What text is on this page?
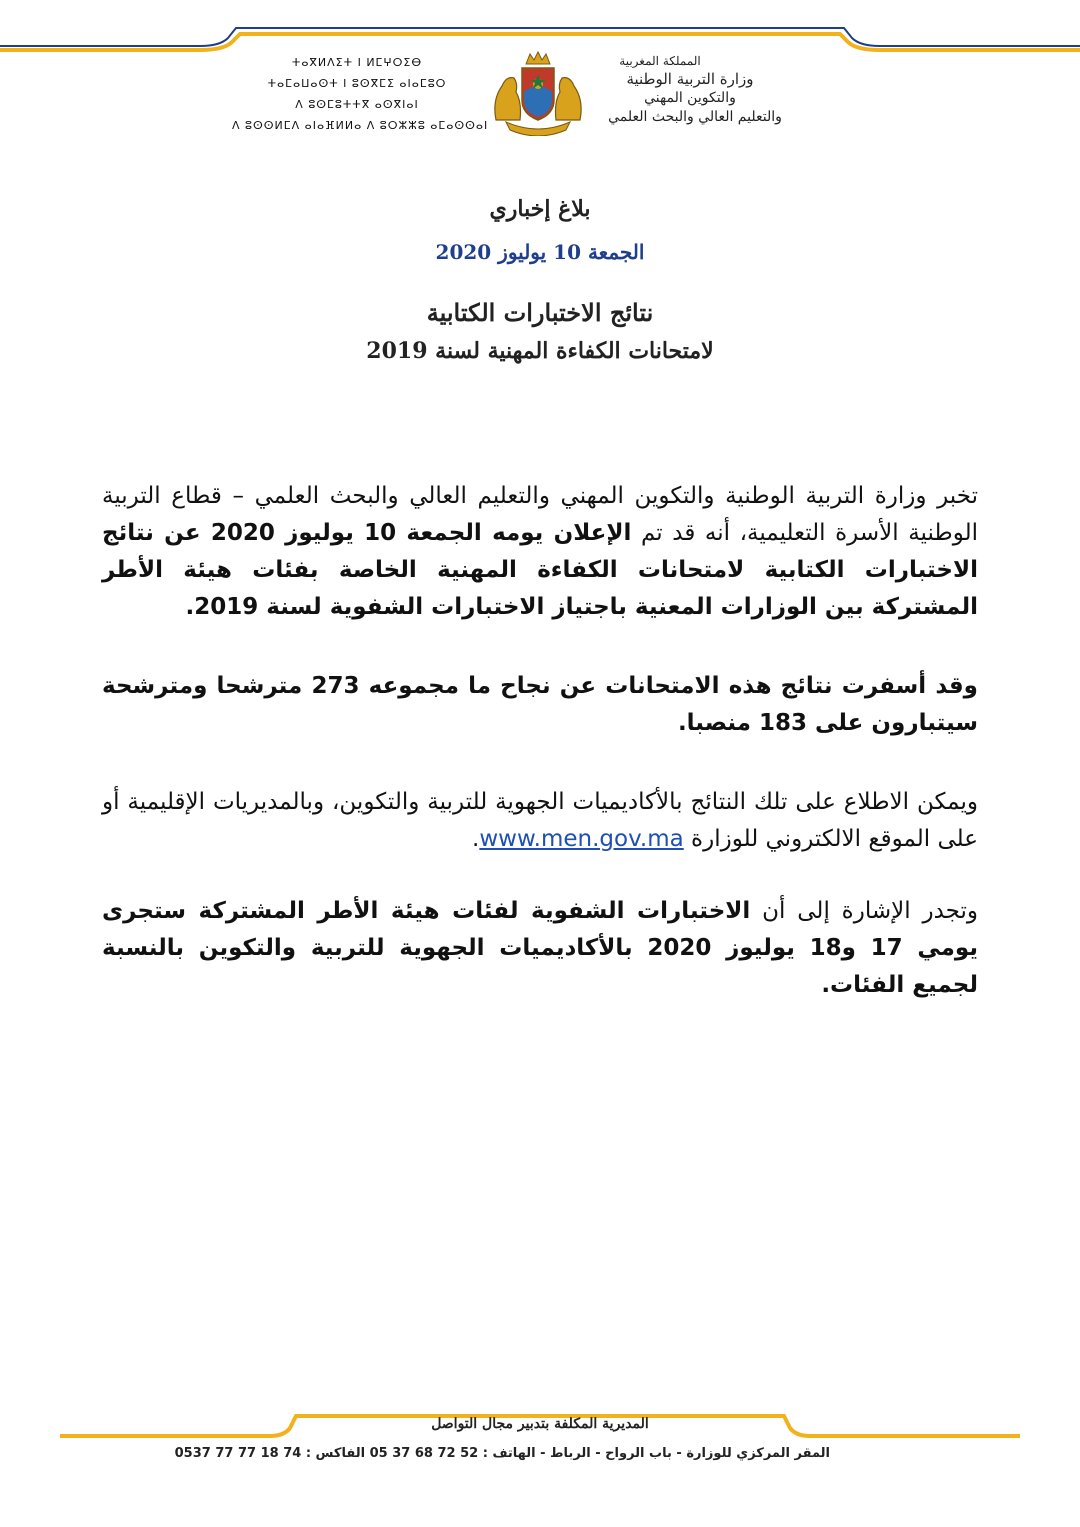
ⵜⴰⴳⵍⴷⵉⵜ ⵏ ⵍⵎⵖⵔⵉⴱ
ⵜⴰⵎⴰⵡⴰⵙⵜ ⵏ ⵓⵙⴳⵎⵉ ⴰⵏⴰⵎⵓⵔ
ⴷ ⵓⵙⵎⵓⵜⵜⴳ ⴰⵙⴳⵏⴰⵏ
ⴷ ⵓⵙⵙⵍⵎⴷ ⴰⵏⴰⴼⵍⵍⴰ ⴷ ⵓⵔⵣⵣⵓ ⴰⵎⴰⵙⵙⴰⵏ
المملكة المغربية
وزارة التربية الوطنية
والتكوين المهني
والتعليم العالي والبحث العلمي
بلاغ إخباري
الجمعة 10 يوليوز 2020
نتائج الاختبارات الكتابية
لامتحانات الكفاءة المهنية لسنة 2019
تخبر وزارة التربية الوطنية والتكوين المهني والتعليم العالي والبحث العلمي – قطاع التربية الوطنية الأسرة التعليمية، أنه قد تم الإعلان يومه الجمعة 10 يوليوز 2020 عن نتائج الاختبارات الكتابية لامتحانات الكفاءة المهنية الخاصة بفئات هيئة الأطر المشتركة بين الوزارات المعنية باجتياز الاختبارات الشفوية لسنة 2019.
وقد أسفرت نتائج هذه الامتحانات عن نجاح ما مجموعه 273 مترشحا ومترشحة سيتبارون على 183 منصبا.
ويمكن الاطلاع على تلك النتائج بالأكاديميات الجهوية للتربية والتكوين، وبالمديريات الإقليمية أو على الموقع الالكتروني للوزارة www.men.gov.ma.
وتجدر الإشارة إلى أن الاختبارات الشفوية لفئات هيئة الأطر المشتركة ستجرى يومي 17 و18 يوليوز 2020 بالأكاديميات الجهوية للتربية والتكوين بالنسبة لجميع الفئات.
المديرية المكلفة بتدبير مجال التواصل
المقر المركزي للوزارة - باب الرواح - الرباط - الهاتف : 52 72 68 37 05 الفاكس : 74 18 77 77 0537
